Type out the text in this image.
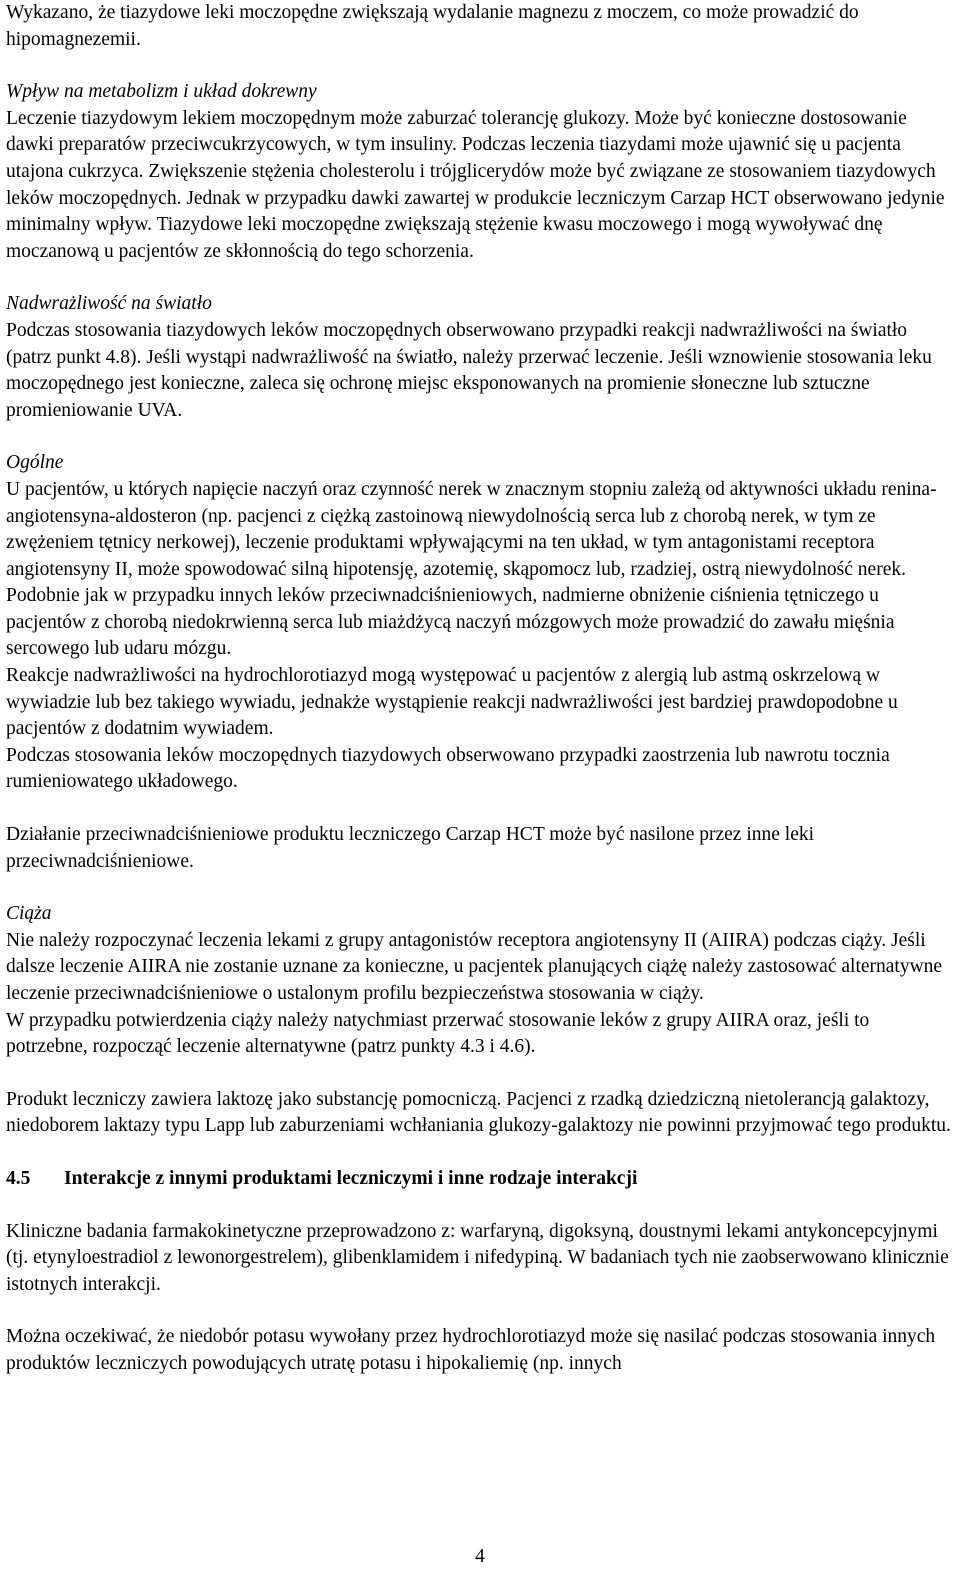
Wykazano, że tiazydowe leki moczopędne zwiększają wydalanie magnezu z moczem, co może prowadzić do hipomagnezemii.

Wpływ na metabolizm i układ dokrewny

Leczenie tiazydowym lekiem moczopędnym może zaburzać tolerancję glukozy. Może być konieczne dostosowanie dawki preparatów przeciwcukrzycowych, w tym insuliny. Podczas leczenia tiazydami może ujawnić się u pacjenta utajona cukrzyca. Zwiększenie stężenia cholesterolu i trójglicerydów może być związane ze stosowaniem tiazydowych leków moczopędnych. Jednak w przypadku dawki zawartej w produkcie leczniczym Carzap HCT obserwowano jedynie minimalny wpływ. Tiazydowe leki moczopędne zwiększają stężenie kwasu moczowego i mogą wywoływać dnę moczanową u pacjentów ze skłonnością do tego schorzenia.

Nadwrażliwość na światło

Podczas stosowania tiazydowych leków moczopędnych obserwowano przypadki reakcji nadwrażliwości na światło (patrz punkt 4.8). Jeśli wystąpi nadwrażliwość na światło, należy przerwać leczenie. Jeśli wznowienie stosowania leku moczopędnego jest konieczne, zaleca się ochronę miejsc eksponowanych na promienie słoneczne lub sztuczne promieniowanie UVA.

Ogólne

U pacjentów, u których napięcie naczyń oraz czynność nerek w znacznym stopniu zależą od aktywności układu renina-angiotensyna-aldosteron (np. pacjenci z ciężką zastoinową niewydolnością serca lub z chorobą nerek, w tym ze zwężeniem tętnicy nerkowej), leczenie produktami wpływającymi na ten układ, w tym antagonistami receptora angiotensyny II, może spowodować silną hipotensję, azotemię, skąpomocz lub, rzadziej, ostrą niewydolność nerek. Podobnie jak w przypadku innych leków przeciwnadciśnieniowych, nadmierne obniżenie ciśnienia tętniczego u pacjentów z chorobą niedokrwienną serca lub miażdżycą naczyń mózgowych może prowadzić do zawału mięśnia sercowego lub udaru mózgu.

Reakcje nadwrażliwości na hydrochlorotiazyd mogą występować u pacjentów z alergią lub astmą oskrzelową w wywiadzie lub bez takiego wywiadu, jednakże wystąpienie reakcji nadwrażliwości jest bardziej prawdopodobne u pacjentów z dodatnim wywiadem.

Podczas stosowania leków moczopędnych tiazydowych obserwowano przypadki zaostrzenia lub nawrotu tocznia rumieniowatego układowego.

Działanie przeciwnadciśnieniowe produktu leczniczego Carzap HCT może być nasilone przez inne leki przeciwnadciśnieniowe.

Ciąża

Nie należy rozpoczynać leczenia lekami z grupy antagonistów receptora angiotensyny II (AIIRA) podczas ciąży. Jeśli dalsze leczenie AIIRA nie zostanie uznane za konieczne, u pacjentek planujących ciążę należy zastosować alternatywne leczenie przeciwnadciśnieniowe o ustalonym profilu bezpieczeństwa stosowania w ciąży.

W przypadku potwierdzenia ciąży należy natychmiast przerwać stosowanie leków z grupy AIIRA oraz, jeśli to potrzebne, rozpocząć leczenie alternatywne (patrz punkty 4.3 i 4.6).

Produkt leczniczy zawiera laktozę jako substancję pomocniczą. Pacjenci z rzadką dziedziczną nietolerancją galaktozy, niedoborem laktazy typu Lapp lub zaburzeniami wchłaniania glukozy-galaktozy nie powinni przyjmować tego produktu.

4.5 Interakcje z innymi produktami leczniczymi i inne rodzaje interakcji

Kliniczne badania farmakokinetyczne przeprowadzono z: warfaryną, digoksyną, doustnymi lekami antykoncepcyjnymi (tj. etynyloestradiol z lewonorgestrelem), glibenklamidem i nifedypiną. W badaniach tych nie zaobserwowano klinicznie istotnych interakcji.

Można oczekiwać, że niedobór potasu wywołany przez hydrochlorotiazyd może się nasilać podczas stosowania innych produktów leczniczych powodujących utratę potasu i hipokaliemię (np. innych

4
